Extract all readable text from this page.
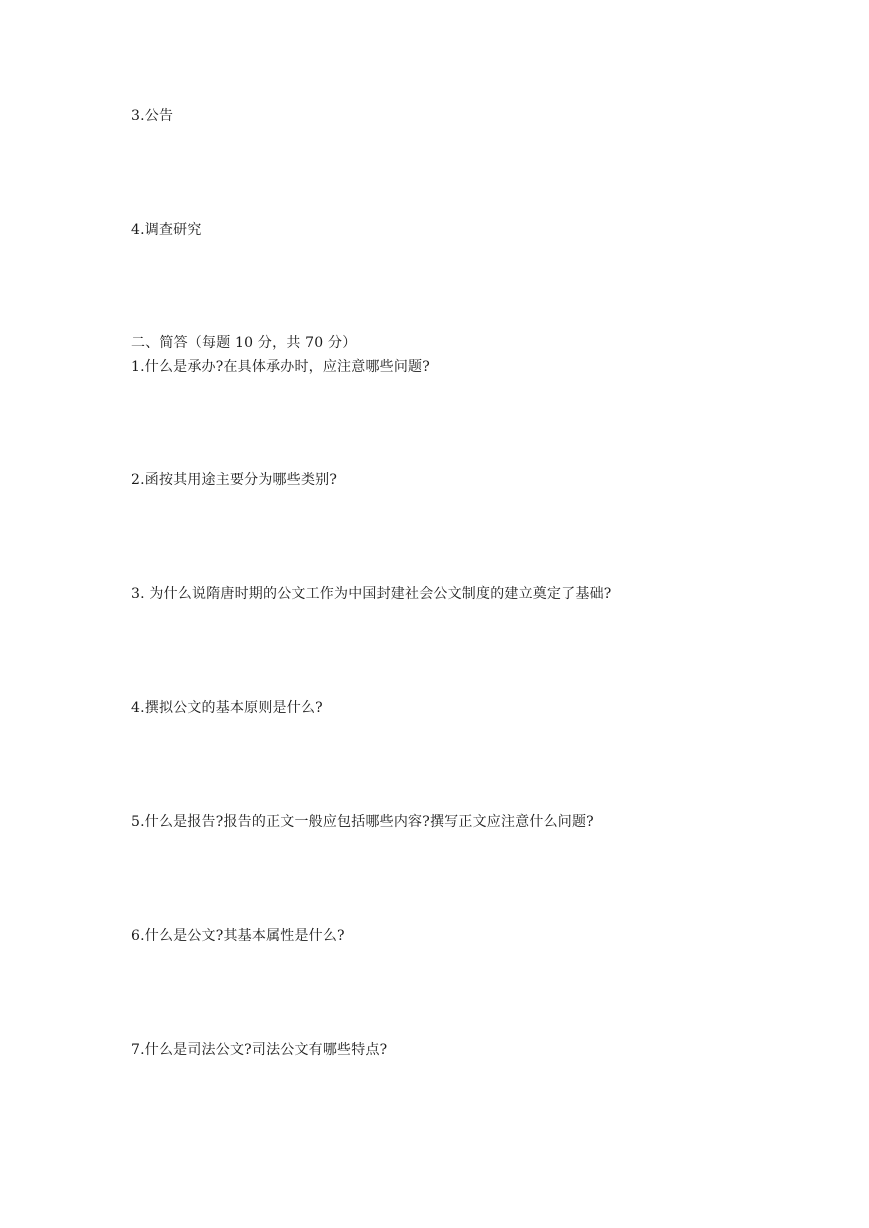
3.公告
4.调查研究
二、简答（每题 10 分，共 70 分）
1.什么是承办?在具体承办时，应注意哪些问题?
2.函按其用途主要分为哪些类别?
3. 为什么说隋唐时期的公文工作为中国封建社会公文制度的建立奠定了基础?
4.撰拟公文的基本原则是什么?
5.什么是报告?报告的正文一般应包括哪些内容?撰写正文应注意什么问题?
6.什么是公文?其基本属性是什么?
7.什么是司法公文?司法公文有哪些特点?
